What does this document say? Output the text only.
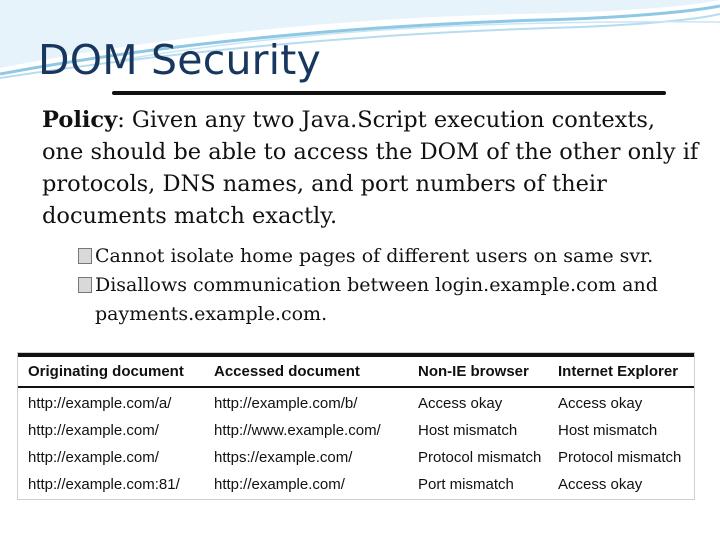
DOM Security
Policy: Given any two Java.Script execution contexts, one should be able to access the DOM of the other only if protocols, DNS names, and port numbers of their documents match exactly.
Cannot isolate home pages of different users on same svr.
Disallows communication between login.example.com and payments.example.com.
Originating document	Accessed document	Non-IE browser	Internet Explorer
http://example.com/a/	http://example.com/b/	Access okay	Access okay
http://example.com/	http://www.example.com/	Host mismatch	Host mismatch
http://example.com/	https://example.com/	Protocol mismatch	Protocol mismatch
http://example.com:81/	http://example.com/	Port mismatch	Access okay
